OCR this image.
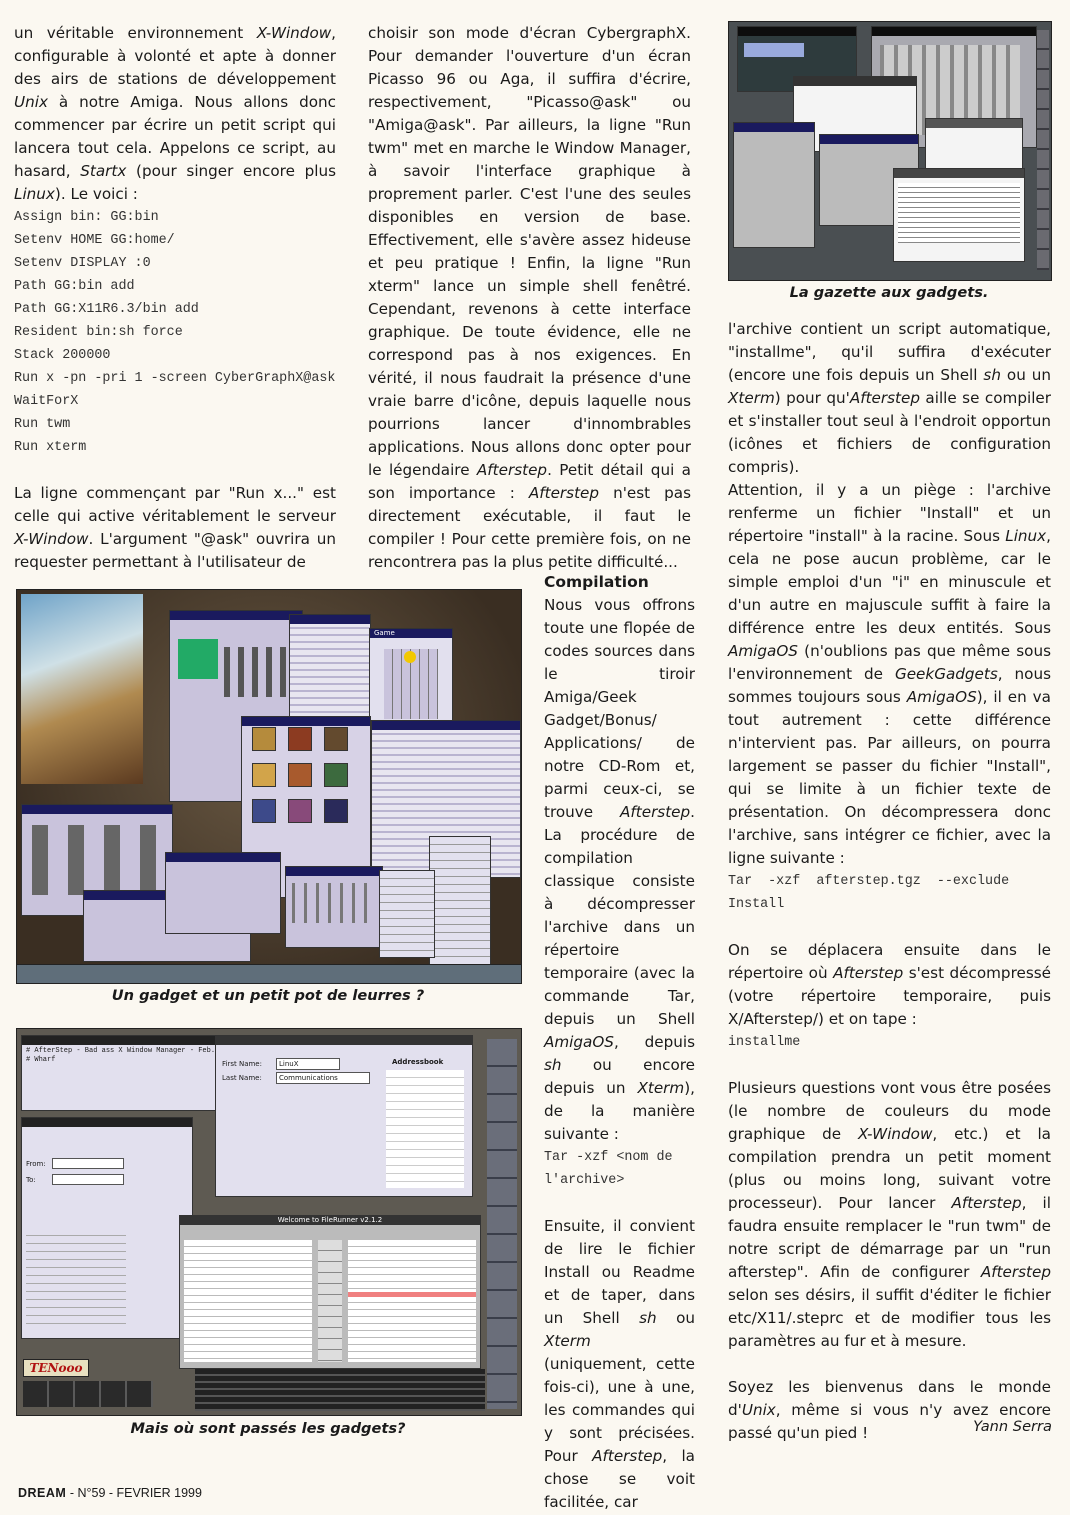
un véritable environnement X-Window, configurable à volonté et apte à donner des airs de stations de développement Unix à notre Amiga. Nous allons donc commencer par écrire un petit script qui lancera tout cela. Appelons ce script, au hasard, Startx (pour singer encore plus Linux). Le voici :

Assign bin: GG:bin
Setenv HOME GG:home/
Setenv DISPLAY :0
Path GG:bin add
Path GG:X11R6.3/bin add
Resident bin:sh force
Stack 200000
Run x -pn -pri 1 -screen CyberGraphX@ask
WaitForX
Run twm
Run xterm

La ligne commençant par "Run x..." est celle qui active véritablement le serveur X-Window. L'argument "@ask" ouvrira un requester permettant à l'utilisateur de

choisir son mode d'écran CybergraphX. Pour demander l'ouverture d'un écran Picasso 96 ou Aga, il suffira d'écrire, respectivement, "Picasso@ask" ou "Amiga@ask". Par ailleurs, la ligne "Run twm" met en marche le Window Manager, à savoir l'interface graphique à proprement parler. C'est l'une des seules disponibles en version de base. Effectivement, elle s'avère assez hideuse et peu pratique ! Enfin, la ligne "Run xterm" lance un simple shell fenêtré. Cependant, revenons à cette interface graphique. De toute évidence, elle ne correspond pas à nos exigences. En vérité, il nous faudrait la présence d'une vraie barre d'icône, depuis laquelle nous pourrions lancer d'innombrables applications. Nous allons donc opter pour le légendaire Afterstep. Petit détail qui a son importance : Afterstep n'est pas directement exécutable, il faut le compiler ! Pour cette première fois, on ne rencontrera pas la plus petite difficulté...

Compilation

Nous vous offrons toute une flopée de codes sources dans le tiroir Amiga/Geek Gadget/Bonus/ Applications/ de notre CD-Rom et, parmi ceux-ci, se trouve Afterstep. La procédure de compilation classique consiste à décompresser l'archive dans un répertoire temporaire (avec la commande Tar, depuis un Shell AmigaOS, depuis sh ou encore depuis un Xterm), de la manière suivante :

Tar -xzf <nom de l'archive>

Ensuite, il convient de lire le fichier Install ou Readme et de taper, dans un Shell sh ou Xterm (uniquement, cette fois-ci), une à une, les commandes qui y sont précisées. Pour Afterstep, la chose se voit facilitée, car

l'archive contient un script automatique, "installme", qu'il suffira d'exécuter (encore une fois depuis un Shell sh ou un Xterm) pour qu'Afterstep aille se compiler et s'installer tout seul à l'endroit opportun (icônes et fichiers de configuration compris).

Attention, il y a un piège : l'archive renferme un fichier "Install" et un répertoire "install" à la racine. Sous Linux, cela ne pose aucun problème, car le simple emploi d'un "i" en minuscule et d'un autre en majuscule suffit à faire la différence entre les deux entités. Sous AmigaOS (n'oublions pas que même sous l'environnement de GeekGadgets, nous sommes toujours sous AmigaOS), il en va tout autrement : cette différence n'intervient pas. Par ailleurs, on pourra largement se passer du fichier "Install", qui se limite à un fichier texte de présentation. On décompressera donc l'archive, sans intégrer ce fichier, avec la ligne suivante :

Tar -xzf afterstep.tgz --exclude Install

On se déplacera ensuite dans le répertoire où Afterstep s'est décompressé (votre répertoire temporaire, puis X/Afterstep/) et on tape :

installme

Plusieurs questions vont vous être posées (le nombre de couleurs du mode graphique de X-Window, etc.) et la compilation prendra un petit moment (plus ou moins long, suivant votre processeur). Pour lancer Afterstep, il faudra ensuite remplacer le "run twm" de notre script de démarrage par un "run afterstep". Afin de configurer Afterstep selon ses désirs, il suffit d'éditer le fichier etc/X11/.steprc et de modifier tous les paramètres au fur et à mesure.

Soyez les bienvenus dans le monde d'Unix, même si vous n'y avez encore passé qu'un pied !

La gazette aux gadgets.
Game
Un gadget et un petit pot de leurres ?
# AfterStep - Bad ass X Window Manager - Feb.
# Wharf
From:
To:
First Name:
Last Name:
LinuX
Communications
Addressbook
Welcome to FileRunner v2.1.2
TENooo
Mais où sont passés les gadgets?	Yann Serra
DREAM - N°59 - FEVRIER 1999
